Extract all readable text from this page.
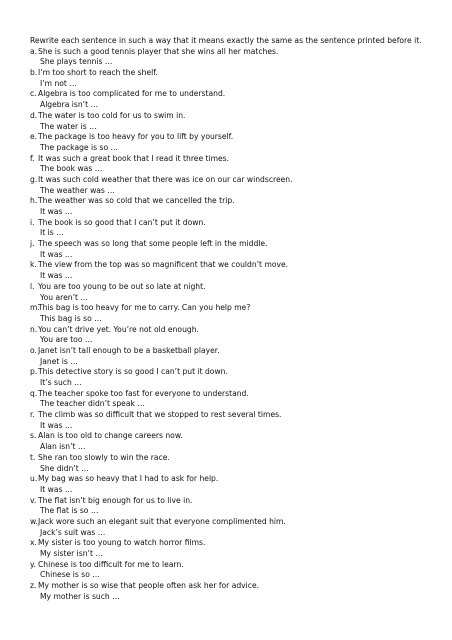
Rewrite each sentence in such a way that it means exactly the same as the sentence printed before it.

a.She is such a good tennis player that she wins all her matches.
She plays tennis …
b.I’m too short to reach the shelf.
I’m not …
c.Algebra is too complicated for me to understand.
Algebra isn’t …
d.The water is too cold for us to swim in.
The water is …
e.The package is too heavy for you to lift by yourself.
The package is so …
f. It was such a great book that I read it three times.
The book was …
g.It was such cold weather that there was ice on our car windscreen.
The weather was …
h.The weather was so cold that we cancelled the trip.
It was …
i. The book is so good that I can’t put it down.
It is …
j. The speech was so long that some people left in the middle.
It was …
k.The view from the top was so magnificent that we couldn’t move.
It was …
l. You are too young to be out so late at night.
You aren’t …
m.This bag is too heavy for me to carry. Can you help me?
This bag is so …
n.You can’t drive yet. You’re not old enough.
You are too …
o.Janet isn’t tall enough to be a basketball player.
Janet is …
p.This detective story is so good I can’t put it down.
It’s such …
q.The teacher spoke too fast for everyone to understand.
The teacher didn’t speak …
r. The climb was so difficult that we stopped to rest several times.
It was …
s. Alan is too old to change careers now.
Alan isn’t …
t. She ran too slowly to win the race.
She didn’t …
u.My bag was so heavy that I had to ask for help.
It was …
v. The flat isn’t big enough for us to live in.
The flat is so …
w.Jack wore such an elegant suit that everyone complimented him.
Jack’s suit was …
x.My sister is too young to watch horror films.
My sister isn’t …
y. Chinese is too difficult for me to learn.
Chinese is so …
z. My mother is so wise that people often ask her for advice.
My mother is such …
